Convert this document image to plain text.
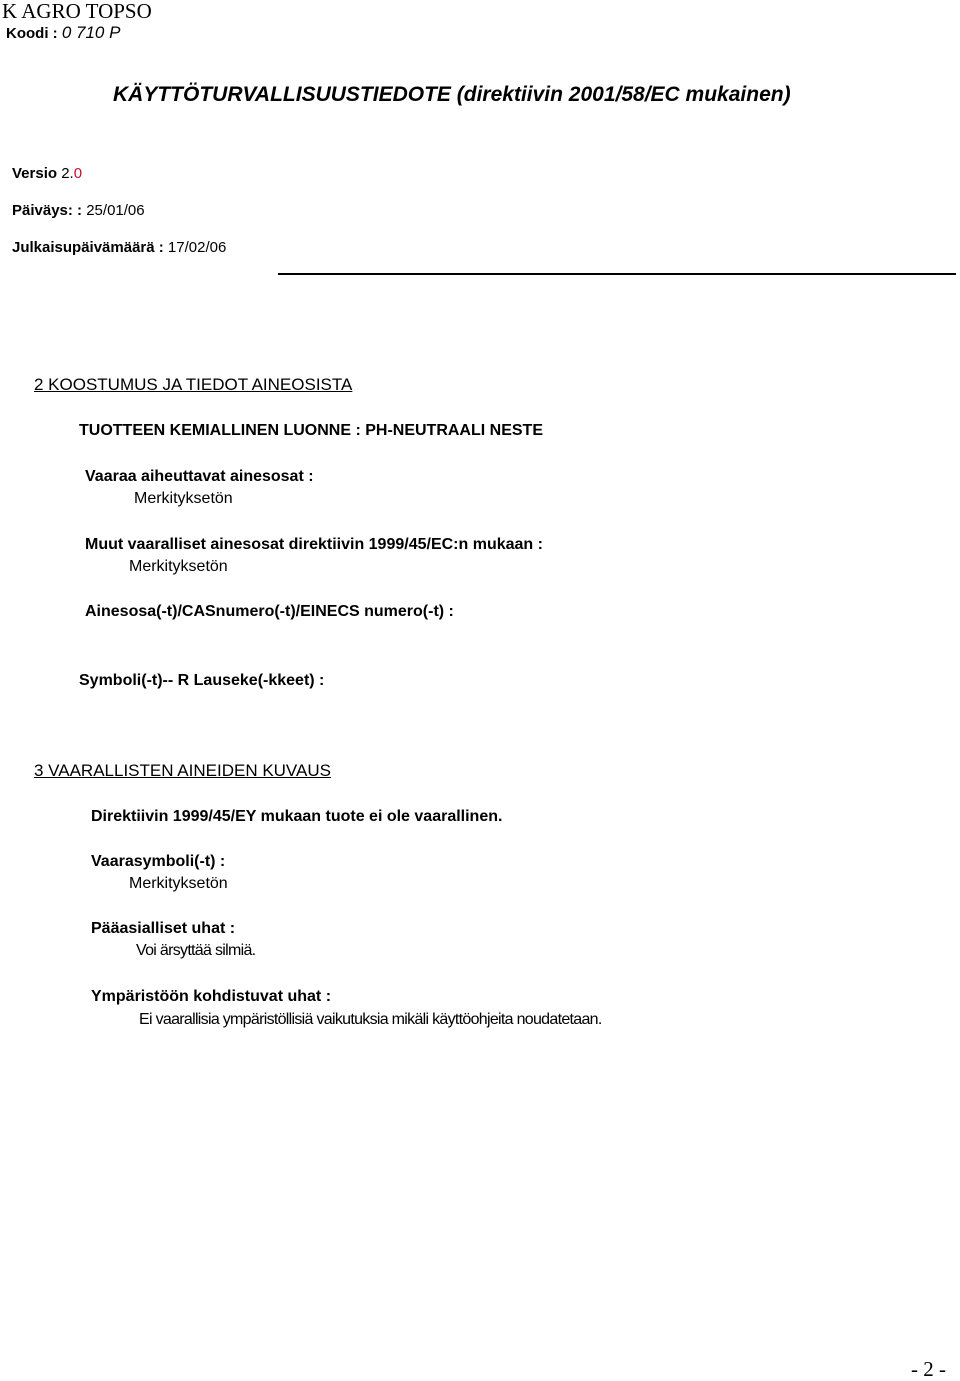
K AGRO TOPSO
Koodi : 0 710 P
KÄYTTÖTURVALLISUUSTIEDOTE (direktiivin 2001/58/EC mukainen)
Versio 2.0
Päiväys: : 25/01/06
Julkaisupäivämäärä : 17/02/06
2 KOOSTUMUS JA TIEDOT AINEOSISTA
TUOTTEEN KEMIALLINEN LUONNE : PH-NEUTRAALI NESTE
Vaaraa aiheuttavat ainesosat :
Merkityksetön
Muut vaaralliset ainesosat direktiivin 1999/45/EC:n mukaan :
Merkityksetön
Ainesosa(-t)/CASnumero(-t)/EINECS numero(-t) :
Symboli(-t)-- R Lauseke(-kkeet) :
3 VAARALLISTEN AINEIDEN KUVAUS
Direktiivin 1999/45/EY mukaan tuote ei ole vaarallinen.
Vaarasymboli(-t) :
Merkityksetön
Pääasialliset uhat :
Voi ärsyttää silmiä.
Ympäristöön kohdistuvat uhat :
Ei vaarallisia ympäristöllisiä vaikutuksia mikäli käyttöohjeita noudatetaan.
- 2 -
